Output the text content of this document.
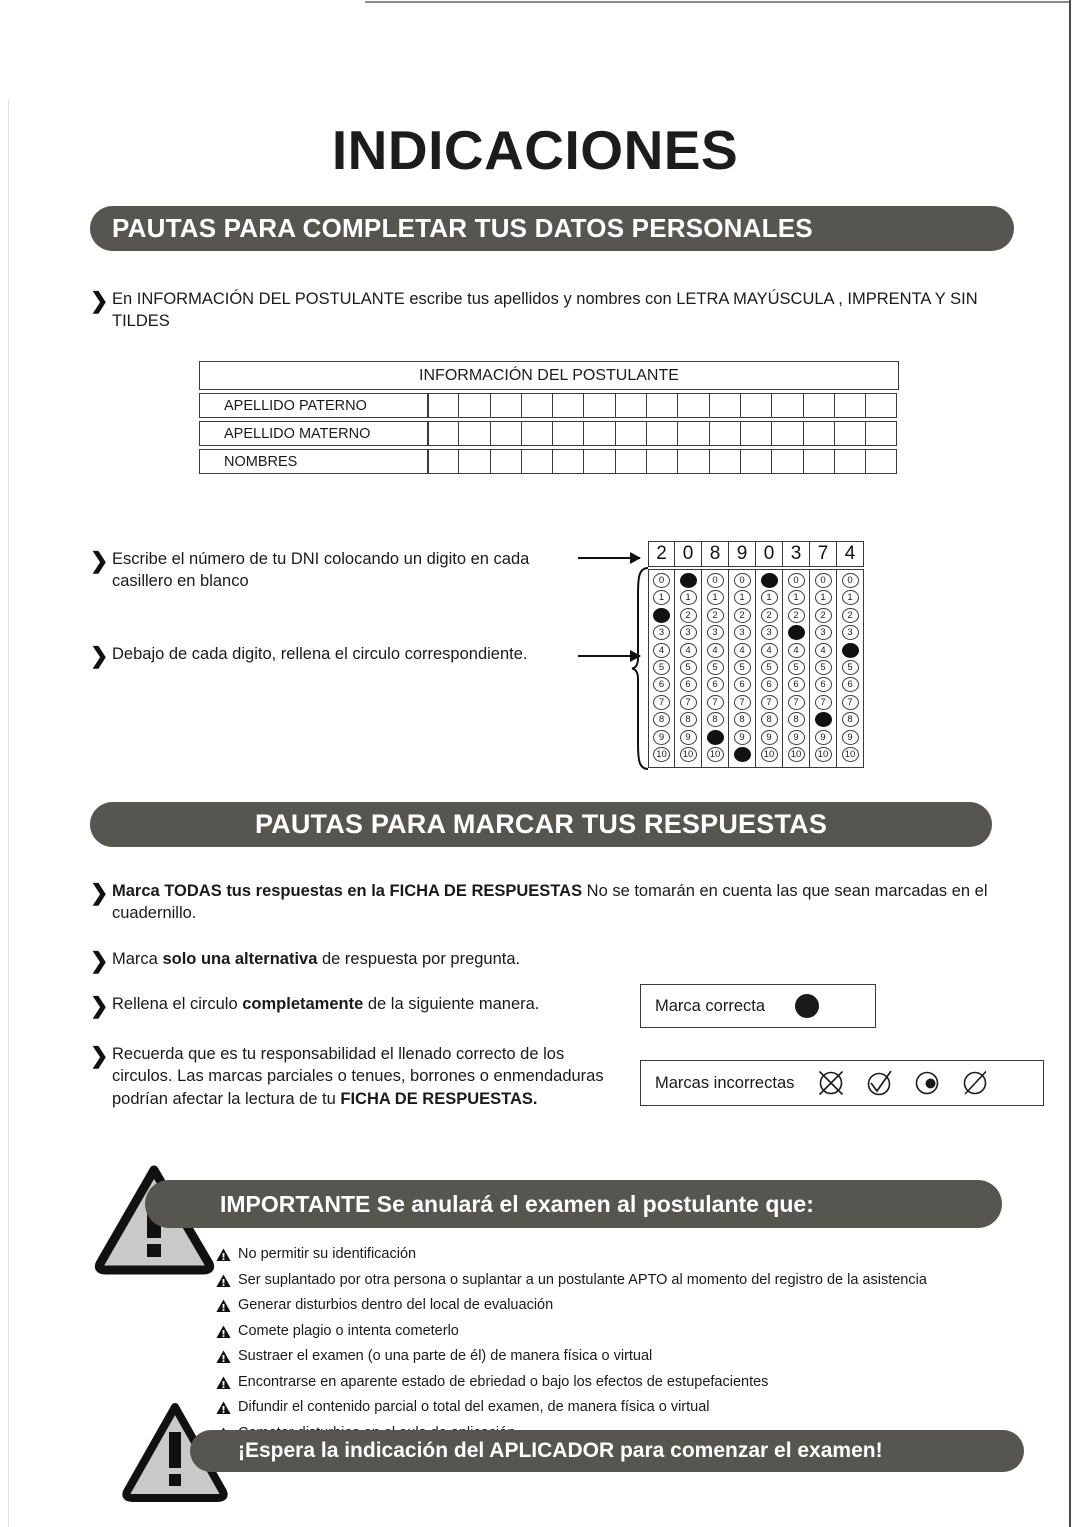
INDICACIONES
PAUTAS PARA COMPLETAR TUS DATOS PERSONALES
❯ En INFORMACIÓN DEL POSTULANTE escribe tus apellidos y nombres con LETRA MAYÚSCULA , IMPRENTA Y SIN TILDES
INFORMACIÓN DEL POSTULANTE
APELLIDO PATERNO
APELLIDO MATERNO
NOMBRES
❯ Escribe el número de tu DNI colocando un digito en cada casillero en blanco
❯ Debajo de cada digito, rellena el circulo correspondiente.
2 0 8 9 0 3 7 4
0
1
3
4
5
6
7
8
9
10
1
2
3
4
5
6
7
8
9
10
0
1
2
3
4
5
6
7
8
10
0
1
2
3
4
5
6
7
8
9
1
2
3
4
5
6
7
8
9
10
0
1
2
4
5
6
7
8
9
10
0
1
2
3
4
5
6
7
9
10
0
1
2
3
5
6
7
8
9
10
PAUTAS PARA MARCAR TUS RESPUESTAS
❯ Marca TODAS tus respuestas en la FICHA DE RESPUESTAS No se tomarán en cuenta las que sean marcadas en el cuadernillo.
❯ Marca solo una alternativa de respuesta por pregunta.
❯ Rellena el circulo completamente de la siguiente manera.
❯ Recuerda que es tu responsabilidad el llenado correcto de los circulos. Las marcas parciales o tenues, borrones o enmendaduras podrían afectar la lectura de tu FICHA DE RESPUESTAS.
Marca correcta
Marcas incorrectas
IMPORTANTE Se anulará el examen al postulante que:
No permitir su identificación
Ser suplantado por otra persona o suplantar a un postulante APTO al momento del registro de la asistencia
Generar disturbios dentro del local de evaluación
Comete plagio o intenta cometerlo
Sustraer el examen (o una parte de él) de manera física o virtual
Encontrarse en aparente estado de ebriedad o bajo los efectos de estupefacientes
Difundir el contenido parcial o total del examen, de manera física o virtual
¡Espera la indicación del APLICADOR para comenzar el examen!
